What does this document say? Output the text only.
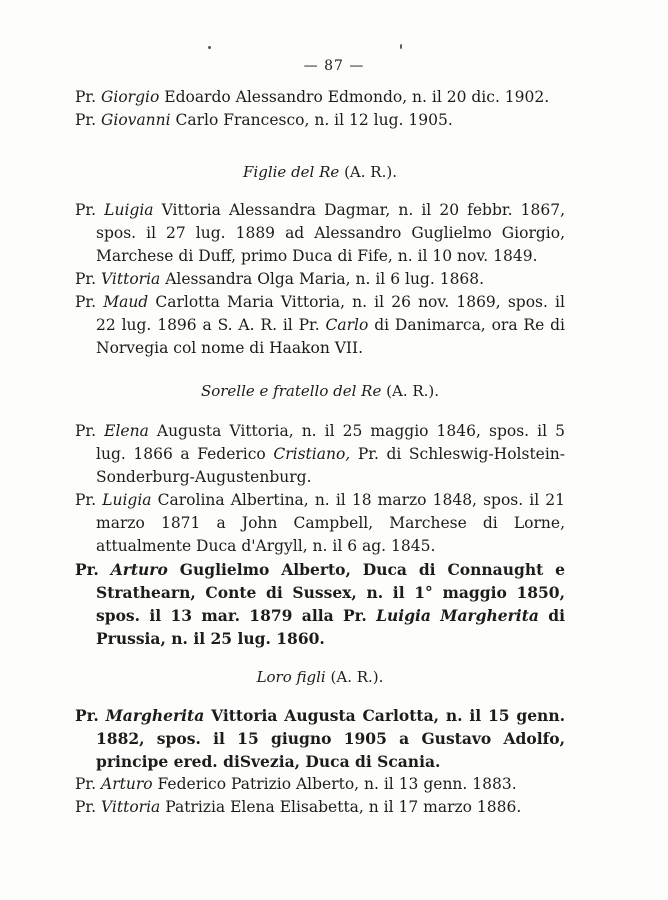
— 87 —

Pr. Giorgio Edoardo Alessandro Edmondo, n. il 20 dic. 1902.

Pr. Giovanni Carlo Francesco, n. il 12 lug. 1905.

Figlie del Re (A. R.).

Pr. Luigia Vittoria Alessandra Dagmar, n. il 20 febbr. 1867, spos. il 27 lug. 1889 ad Alessandro Guglielmo Giorgio, Marchese di Duff, primo Duca di Fife, n. il 10 nov. 1849.

Pr. Vittoria Alessandra Olga Maria, n. il 6 lug. 1868.

Pr. Maud Carlotta Maria Vittoria, n. il 26 nov. 1869, spos. il 22 lug. 1896 a S. A. R. il Pr. Carlo di Danimarca, ora Re di Norvegia col nome di Haakon VII.

Sorelle e fratello del Re (A. R.).

Pr. Elena Augusta Vittoria, n. il 25 maggio 1846, spos. il 5 lug. 1866 a Federico Cristiano, Pr. di Schleswig-Holstein-Sonderburg-Augustenburg.

Pr. Luigia Carolina Albertina, n. il 18 marzo 1848, spos. il 21 marzo 1871 a John Campbell, Marchese di Lorne, attualmente Duca d'Argyll, n. il 6 ag. 1845.

Pr. Arturo Guglielmo Alberto, Duca di Connaught e Strathearn, Conte di Sussex, n. il 1° maggio 1850, spos. il 13 mar. 1879 alla Pr. Luigia Margherita di Prussia, n. il 25 lug. 1860.

Loro figli (A. R.).

Pr. Margherita Vittoria Augusta Carlotta, n. il 15 genn. 1882, spos. il 15 giugno 1905 a Gustavo Adolfo, principe ered. diSvezia, Duca di Scania.

Pr. Arturo Federico Patrizio Alberto, n. il 13 genn. 1883.

Pr. Vittoria Patrizia Elena Elisabetta, n il 17 marzo 1886.
